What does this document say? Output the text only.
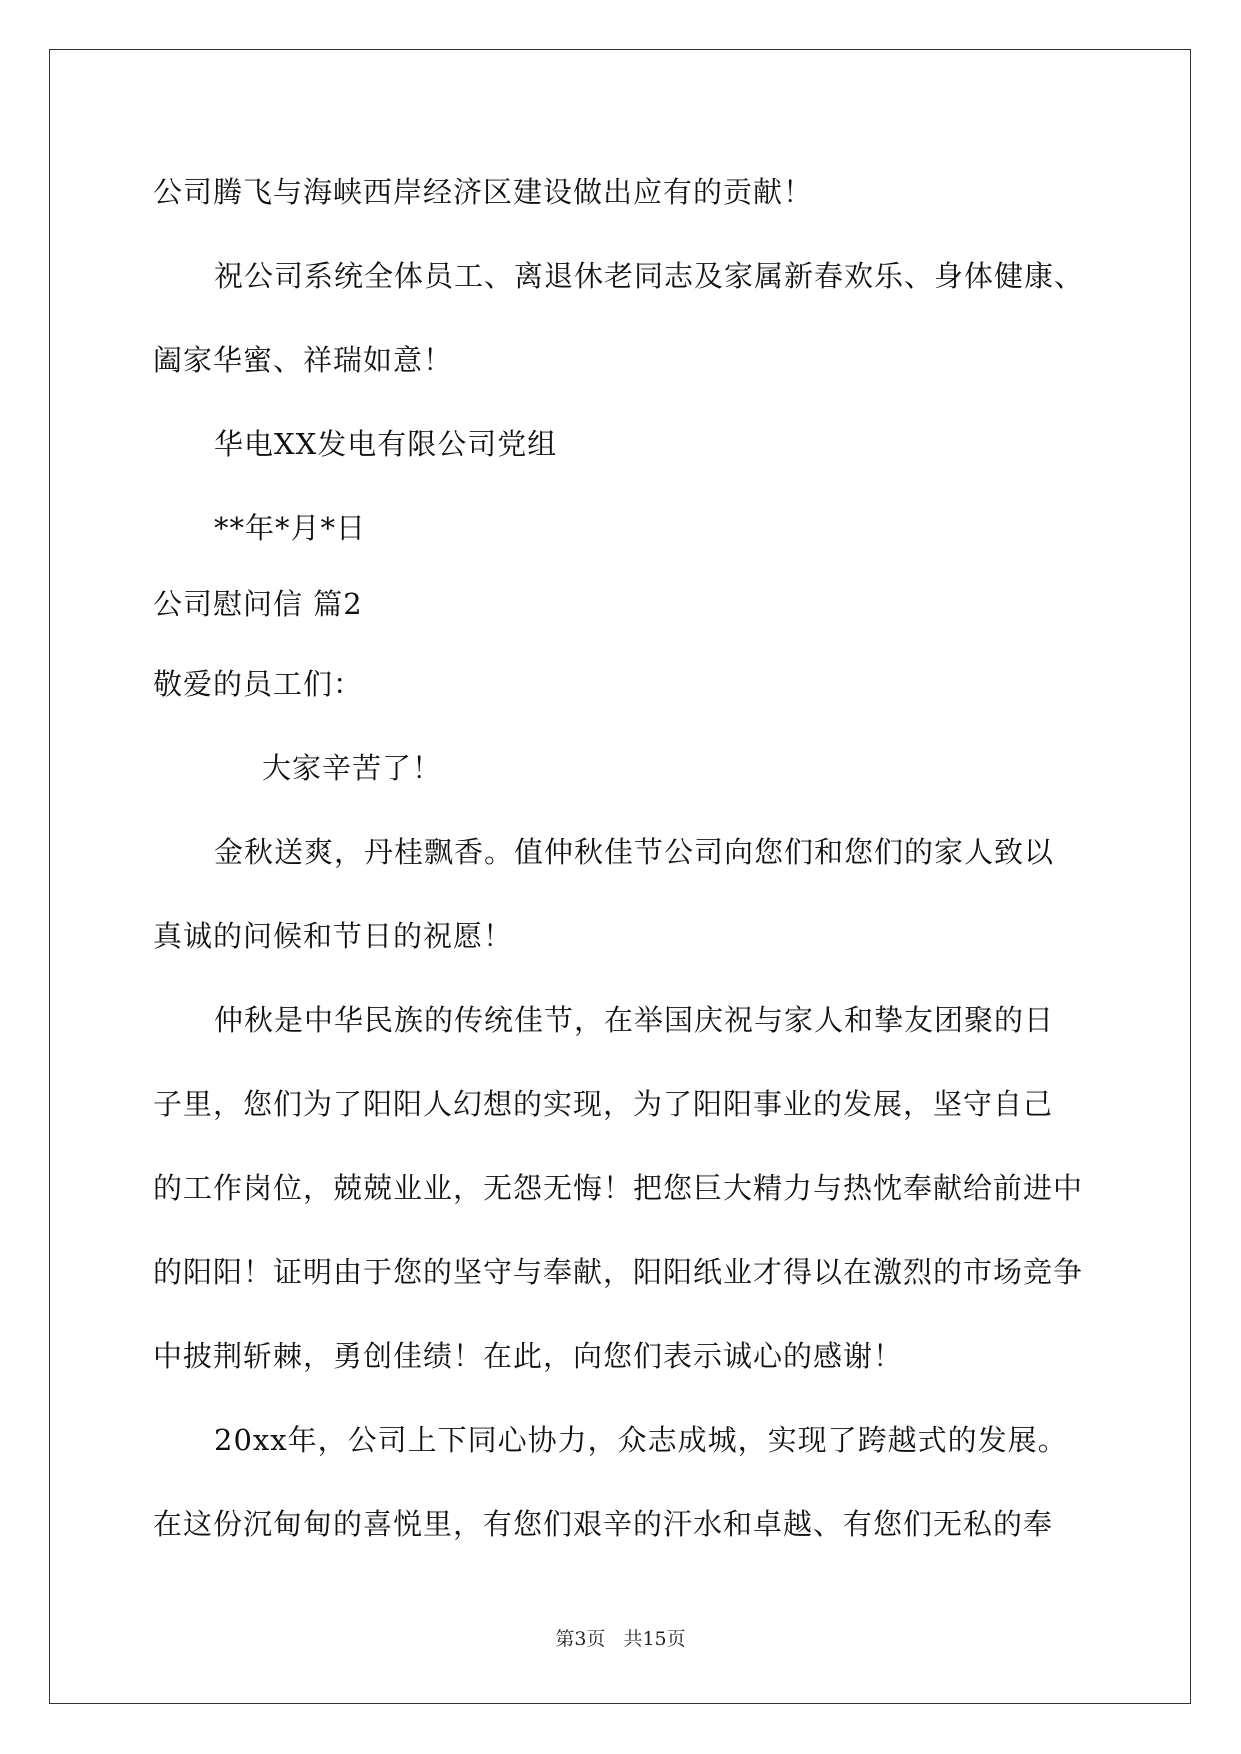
公司腾飞与海峡西岸经济区建设做出应有的贡献！
祝公司系统全体员工、离退休老同志及家属新春欢乐、身体健康、
阖家华蜜、祥瑞如意！
华电XX发电有限公司党组
**年*月*日
公司慰问信 篇2
敬爱的员工们：
大家辛苦了！
金秋送爽，丹桂飘香。值仲秋佳节公司向您们和您们的家人致以
真诚的问候和节日的祝愿！
仲秋是中华民族的传统佳节，在举国庆祝与家人和挚友团聚的日
子里，您们为了阳阳人幻想的实现，为了阳阳事业的发展，坚守自己
的工作岗位，兢兢业业，无怨无悔！把您巨大精力与热忱奉献给前进中
的阳阳！证明由于您的坚守与奉献，阳阳纸业才得以在激烈的市场竞争
中披荆斩棘，勇创佳绩！在此，向您们表示诚心的感谢！
20xx年，公司上下同心协力，众志成城，实现了跨越式的发展。
在这份沉甸甸的喜悦里，有您们艰辛的汗水和卓越、有您们无私的奉
第3页 共15页
